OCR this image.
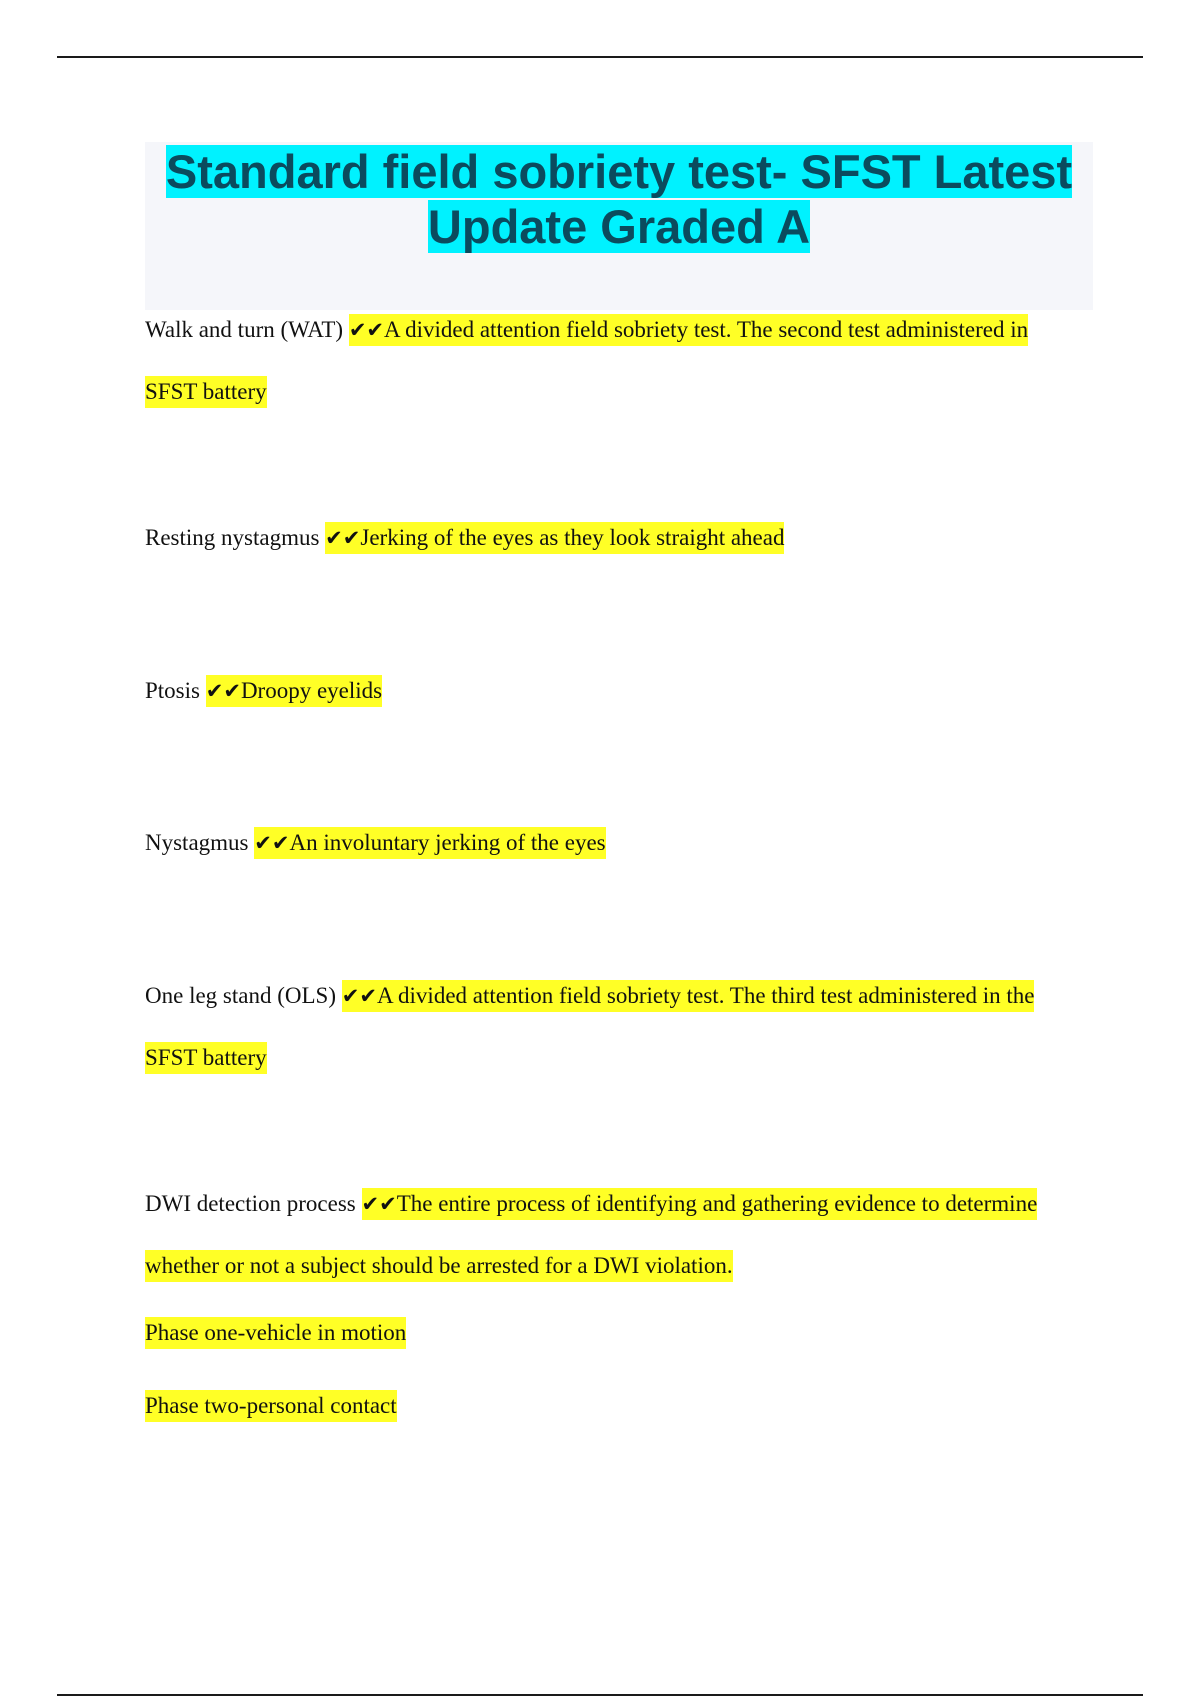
Standard field sobriety test- SFST Latest
Update Graded A

Walk and turn (WAT) ✔✔A divided attention field sobriety test. The second test administered in SFST battery

Resting nystagmus ✔✔Jerking of the eyes as they look straight ahead

Ptosis ✔✔Droopy eyelids

Nystagmus ✔✔An involuntary jerking of the eyes

One leg stand (OLS) ✔✔A divided attention field sobriety test. The third test administered in the SFST battery

DWI detection process ✔✔The entire process of identifying and gathering evidence to determine whether or not a subject should be arrested for a DWI violation.

Phase one-vehicle in motion
Phase two-personal contact
